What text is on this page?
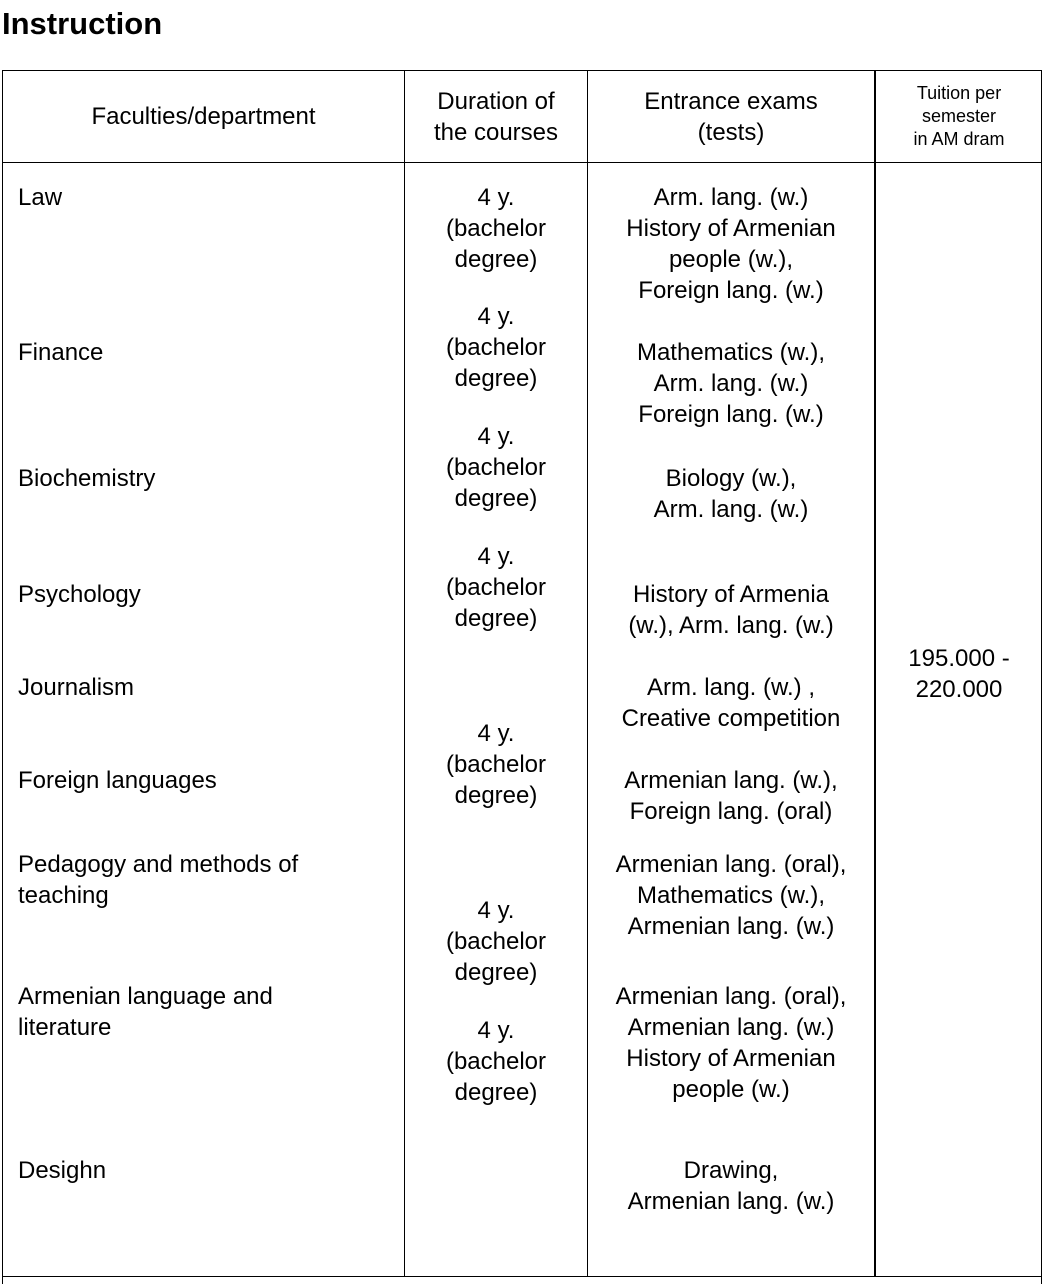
Instruction
Faculties/department
Duration of
the courses
Entrance exams
(tests)
Tuition per
semester
in AM dram
Law
Finance
Biochemistry
Psychology
Journalism
Foreign languages
Pedagogy and methods of
teaching
Armenian language and
literature
Desighn
4 y.
(bachelor
degree)
4 y.
(bachelor
degree)
4 y.
(bachelor
degree)
4 y.
(bachelor
degree)
4 y.
(bachelor
degree)
4 y.
(bachelor
degree)
4 y.
(bachelor
degree)
Arm. lang. (w.)
History of Armenian
people (w.),
Foreign lang. (w.)
Mathematics (w.),
Arm. lang. (w.)
Foreign lang. (w.)
Biology (w.),
Arm. lang. (w.)
History of Armenia
(w.), Arm. lang. (w.)
Arm. lang. (w.) ,
Creative competition
Armenian lang. (w.),
Foreign lang. (oral)
Armenian lang. (oral),
Mathematics (w.),
Armenian lang. (w.)
Armenian lang. (oral),
Armenian lang. (w.)
History of Armenian
people (w.)
Drawing,
Armenian lang. (w.)
195.000 -
220.000
